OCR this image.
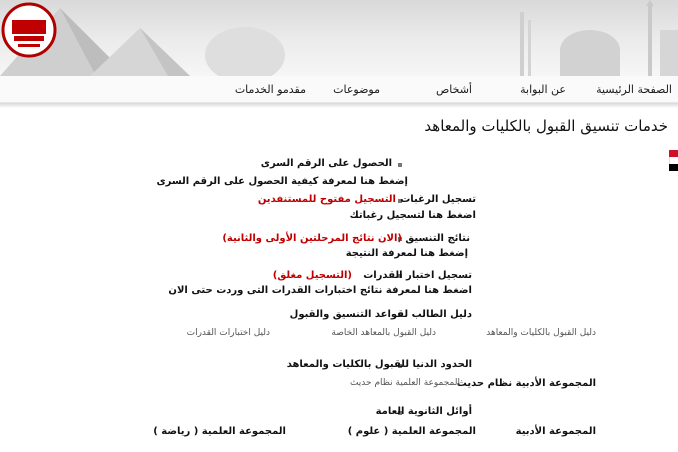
الصفحة الرئيسية
عن البوابة
أشخاص
موضوعات
مقدمو الخدمات
خدمات تنسيق القبول بالكليات والمعاهد
الحصول على الرقم السرى
إضغط هنا لمعرفة كيفية الحصول على الرقم السرى
تسجيل الرغبات
التسجيل مفتوح للمستنفدين
اضغط هنا لتسجيل رغباتك
نتائج التنسيق
(الان نتائج المرحلتين الأولى والثانية)
إضغط هنا لمعرفة النتيجة
تسجيل اختبار القدرات
(التسجيل مغلق)
اضغط هنا لمعرفة نتائج اختبارات القدرات التى وردت حتى الان
دليل الطالب لقواعد التنسيق والقبول
دليل القبول بالكليات والمعاهد
دليل القبول بالمعاهد الخاصة
دليل اختبارات القدرات
الحدود الدنيا للقبول بالكليات والمعاهد
المجموعة الأدبية نظام حديث
المجموعة العلمية نظام حديث
أوائل الثانوية العامة
المجموعة الأدبية
المجموعة العلمية ( علوم )
المجموعة العلمية ( رياضة )
